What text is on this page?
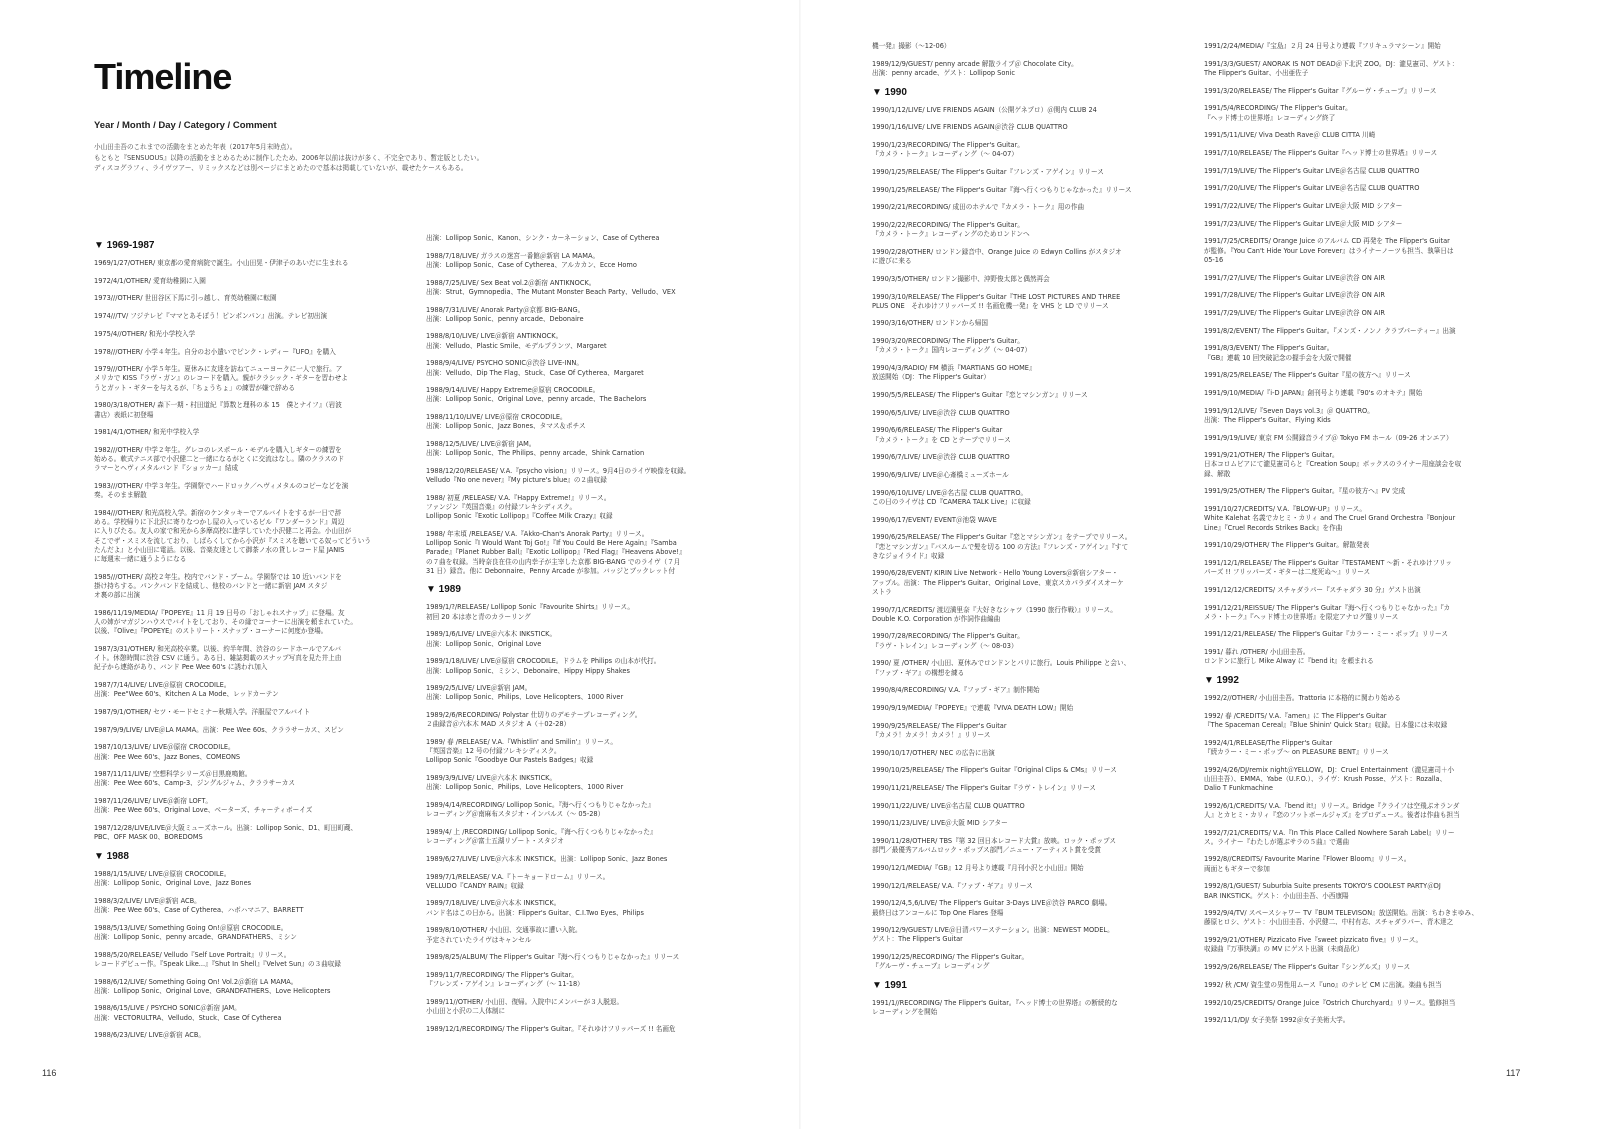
Timeline
Year / Month / Day / Category / Comment
小山田圭吾のこれまでの活動をまとめた年表（2017年5月末時点）。
もともと『SENSUOUS』以降の活動をまとめるために制作したため、2006年以前は抜けが多く、不完全であり、暫定版としたい。
ディスコグラフィ、ライヴツアー、リミックスなどは別ページにまとめたので基本は掲載していないが、載せたケースもある。
▼ 1969-1987
1969/1/27/OTHER/ 東京都の愛育病院で誕生。小山田晃・伊津子のあいだに生まれる
1972/4/1/OTHER/ 愛育幼稚園に入園
1973///OTHER/ 世田谷区下馬に引っ越し、育英幼稚園に転園
1974///TV/ フジテレビ『ママとあそぼう！ピンポンパン』出演。テレビ初出演
1975/4//OTHER/ 和光小学校入学
1978///OTHER/ 小学４年生。自分のお小遣いでピンク・レディー『UFO』を購入
1979///OTHER/ 小学５年生。夏休みに友達を訪ねてニューヨークに一人で旅行。ア
メリカで KISS『ラヴ・ガン』のレコードを購入。親がクラシック・ギターを習わせよ
うとガット・ギターを与えるが、「ちょうちょ」の練習が嫌で辞める
1980/3/18/OTHER/ 森下一期・村田道紀『算数と理科の本 15　僕とナイフ』（岩波
書店）表紙に初登場
1981/4/1/OTHER/ 和光中学校入学
1982///OTHER/ 中学２年生。グレコのレスポール・モデルを購入しギターの練習を
始める。軟式テニス部で小沢健二と一緒になるがとくに交流はなし。隣のクラスのド
ラマーとヘヴィメタルバンド『ショッカー』結成
1983///OTHER/ 中学３年生。学園祭でハードロック／ヘヴィメタルのコピーなどを演
奏。そのまま解散
1984///OTHER/ 和光高校入学。新宿のケンタッキーでアルバイトをするが一日で辞
める。学校帰りに下北沢に寄りなつかし屋の入っているビル『ワンダーランド』周辺
に入りびたる。友人の家で和光から多摩高校に進学していた小沢健二と再会。小山田が
そこでザ・スミスを流しており、しばらくしてから小沢が『スミスを聴いてる奴ってどういう
たんだよ』と小山田に電話。以後、音楽友達として御茶ノ水の貸しレコード屋 JANIS
に毎週末一緒に通うようになる
1985///OTHER/ 高校２年生。校内でバンド・ブーム。学園祭では 10 近いバンドを
掛け持ちする。パンクバンドを結成し、他校のバンドと一緒に新宿 JAM スタジ
オ裏の部に出演
1986/11/19/MEDIA/『POPEYE』11 月 19 日号の「おしゃれスナップ」に登場。友
人の姉がマガジンハウスでバイトをしており、その縁でコーナーに出演を頼まれていた。
以後、『Olive』『POPEYE』のストリート・スナップ・コーナーに何度か登場。
1987/3/31/OTHER/ 和光高校卒業。以後、約半年間、渋谷のシードホールでアルバ
イト。休憩時間に渋谷 CSV に通う。ある日、雑誌掲載のスナップ写真を見た井上由
紀子から連絡があり、バンド Pee Wee 60's に誘われ加入
1987/7/14/LIVE/ LIVE＠原宿 CROCODILE。
出演：Pee"Wee 60's、Kitchen A La Mode、レッドカーテン
1987/9/1/OTHER/ セツ・モードセミナー秋期入学。洋服屋でアルバイト
1987/9/9/LIVE/ LIVE＠LA MAMA。出演：Pee Wee 60s、クララサーカス、スピン
1987/10/13/LIVE/ LIVE＠原宿 CROCODILE。
出演：Pee Wee 60's、Jazz Bones、COMEONS
1987/11/11/LIVE/ 空想科学シリーズ＠目黒鹿鳴館。
出演：Pee Wee 60's、Camp-3、ジングルジャム、クララサーカス
1987/11/26/LIVE/ LIVE＠新宿 LOFT。
出演：Pee Wee 60's、Original Love、ベーターズ、チャーティボーイズ
1987/12/28/LIVE/LIVE＠大阪ミューズホール。出演：Lollipop Sonic、D1、町田町蔵、
PBC、OFF MASK 00、BOREDOMS
▼ 1988
1988/1/15/LIVE/ LIVE＠原宿 CROCODILE。
出演：Lollipop Sonic、Original Love、Jazz Bones
1988/3/2/LIVE/ LIVE＠新宿 ACB。
出演：Pee Wee 60's、Case of Cytherea、ハボハマニア、BARRETT
1988/5/13/LIVE/ Something Going On!＠原宿 CROCODILE。
出演：Lollipop Sonic、penny arcade、GRANDFATHERS、ミシン
1988/5/20/RELEASE/ Velludo『Self Love Portrait』リリース。
レコードデビュー作。『Speak Like...』『Shut In Shell』『Velvet Sun』の３曲収録
1988/6/12/LIVE/ Something Going On! Vol.2＠新宿 LA MAMA。
出演：Lollipop Sonic、Original Love、GRANDFATHERS、Love Helicopters
1988/6/15/LIVE / PSYCHO SONIC＠新宿 JAM。
出演：VECTORULTRA、Velludo、Stuck、Case Of Cytherea
1988/6/23/LIVE/ LIVE＠新宿 ACB。
出演：Lollipop Sonic、Kanon、シンク・カーネーション、Case of Cytherea
1988/7/18/LIVE/ ガラスの迷宮一番館＠新宿 LA MAMA。
出演：Lollipop Sonic、Case of Cytherea、アルカカン、Ecce Homo
1988/7/25/LIVE/ Sex Beat vol.2＠新宿 ANTIKNOCK。
出演：Strut、Gymnopedia、The Mutant Monster Beach Party、Velludo、VEX
1988/7/31/LIVE/ Anorak Party＠京都 BIG-BANG。
出演：Lollipop Sonic、penny arcade、Debonaire
1988/8/10/LIVE/ LIVE＠新宿 ANTIKNOCK。
出演：Velludo、Plastic Smile、モデルプランツ、Margaret
1988/9/4/LIVE/ PSYCHO SONIC＠渋谷 LIVE-INN。
出演：Velludo、Dip The Flag、Stuck、Case Of Cytherea、Margaret
1988/9/14/LIVE/ Happy Extreme＠原宿 CROCODILE。
出演：Lollipop Sonic、Original Love、penny arcade、The Bachelors
1988/11/10/LIVE/ LIVE＠原宿 CROCODILE。
出演：Lollipop Sonic、Jazz Bones、タマス＆ポチス
1988/12/5/LIVE/ LIVE＠新宿 JAM。
出演：Lollipop Sonic、The Philips、penny arcade、Shink Carnation
1988/12/20/RELEASE/ V.A.『psycho vision』リリース。9月4日のライヴ映像を収録。
Velludo『No one never』『My picture's blue』の２曲収録
1988/ 初夏 /RELEASE/ V.A.『Happy Extreme!』リリース。
ファンジン『英国音楽』の付録フレキシディスク。
Lollipop Sonic『Exotic Lollipop』『Coffee Milk Crazy』収録
1988/ 年末頃 /RELEASE/ V.A.『Akko-Chan's Anorak Party』リリース。
Lollipop Sonic『I Would Want Toj Go!』『If You Could Be Here Again』『Samba
Parade』『Planet Rubber Ball』『Exotic Lollipop』『Red Flag』『Heavens Above!』
の７曲を収録。当時奈良在住の山内幸子が主宰した京都 BIG-BANG でのライヴ（７月
31 日）録音。他に Debonnaire、Penny Arcade が参加。バッジとブックレット付
▼ 1989
1989/1/?/RELEASE/ Lollipop Sonic『Favourite Shirts』リリース。
初回 20 本は赤と青のカラーリング
1989/1/6/LIVE/ LIVE＠六本木 INKSTICK。
出演：Lollipop Sonic、Original Love
1989/1/18/LIVE/ LIVE＠原宿 CROCODILE。ドラムを Philips の山本が代打。
出演：Lollipop Sonic、ミシン、Debonaire、Hippy Hippy Shakes
1989/2/5/LIVE/ LIVE＠新宿 JAM。
出演：Lollipop Sonic、Philips、Love Helicopters、1000 River
1989/2/6/RECORDING/ Polystar 仕切りのデモテープレコーディング。
２曲録音＠六本木 MAD スタジオ A（＋02-28）
1989/ 春 /RELEASE/ V.A.『Whistlin' and Smilin'』リリース。
『英国音楽』12 号の付録フレキシディスク。
Lollipop Sonic『Goodbye Our Pastels Badges』収録
1989/3/9/LIVE/ LIVE＠六本木 INKSTICK。
出演：Lollipop Sonic、Philips、Love Helicopters、1000 River
1989/4/14/RECORDING/ Lollipop Sonic。『海へ行くつもりじゃなかった』
レコーディング＠南麻布スタジオ・インパルス（〜 05-28）
1989/4/ 上 /RECORDING/ Lollipop Sonic。『海へ行くつもりじゃなかった』
レコーディング＠富士五湖リゾート・スタジオ
1989/6/27/LIVE/ LIVE＠六本木 INKSTICK。出演：Lollipop Sonic、Jazz Bones
1989/7/1/RELEASE/ V.A.『トーキョードローム』リリース。
VELLUDO『CANDY RAIN』収録
1989/7/18/LIVE/ LIVE＠六本木 INKSTICK。
バンド名はこの日から。出演：Flipper's Guitar、C.I.Two Eyes、Philips
1989/8/10/OTHER/ 小山田、交通事故に遭い入院。
予定されていたライヴはキャンセル
1989/8/25/ALBUM/ The Flipper's Guitar『海へ行くつもりじゃなかった』リリース
1989/11/7/RECORDING/ The Flipper's Guitar。
『フレンズ・アゲイン』レコーディング（〜 11-18）
1989/11//OTHER/ 小山田、復帰。入院中にメンバーが３人脱退。
小山田と小沢の二人体制に
1989/12/1/RECORDING/ The Flipper's Guitar。『それゆけフリッパーズ !! 名画危
116
機一発』撮影（〜12-06）
1989/12/9/GUEST/ penny arcade 解散ライブ＠ Chocolate City。
出演：penny arcade、ゲスト：Lollipop Sonic
▼ 1990
1990/1/12/LIVE/ LIVE FRIENDS AGAIN（公開ゲネプロ）＠関内 CLUB 24
1990/1/16/LIVE/ LIVE FRIENDS AGAIN＠渋谷 CLUB QUATTRO
1990/1/23/RECORDING/ The Flipper's Guitar。
『カメラ・トーク』レコーディング（〜 04-07）
1990/1/25/RELEASE/ The Flipper's Guitar『フレンズ・アゲイン』リリース
1990/1/25/RELEASE/ The Flipper's Guitar『海へ行くつもりじゃなかった』リリース
1990/2/21/RECORDING/ 成田のホテルで『カメラ・トーク』用の作曲
1990/2/22/RECORDING/ The Flipper's Guitar。
『カメラ・トーク』レコーディングのためロンドンへ
1990/2/28/OTHER/ ロンドン録音中、Orange Juice の Edwyn Collins がスタジオ
に遊びに来る
1990/3/5/OTHER/ ロンドン撮影中、沖野俊太郎と偶然再会
1990/3/10/RELEASE/ The Flipper's Guitar『THE LOST PICTURES AND THREE
PLUS ONE　それゆけフリッパーズ !! 名画危機一発』を VHS と LD でリリース
1990/3/16/OTHER/ ロンドンから帰国
1990/3/20/RECORDING/ The Flipper's Guitar。
『カメラ・トーク』国内レコーディング（〜 04-07）
1990/4/3/RADIO/ FM 横浜『MARTIANS GO HOME』
放送開始（DJ：The Flipper's Guitar）
1990/5/5/RELEASE/ The Flipper's Guitar『恋とマシンガン』リリース
1990/6/5/LIVE/ LIVE＠渋谷 CLUB QUATTRO
1990/6/6/RELEASE/ The Flipper's Guitar
『カメラ・トーク』を CD とテープでリリース
1990/6/7/LIVE/ LIVE＠渋谷 CLUB QUATTRO
1990/6/9/LIVE/ LIVE＠心斎橋ミューズホール
1990/6/10/LIVE/ LIVE＠名古屋 CLUB QUATTRO。
この日のライヴは CD『CAMERA TALK Live』に収録
1990/6/17/EVENT/ EVENT＠池袋 WAVE
1990/6/25/RELEASE/ The Flipper's Guitar『恋とマシンガン』をテープでリリース。
『恋とマシンガン』『バスルームで髪を切る 100 の方法』『フレンズ・アゲイン』『すて
きなジョイライド』収録
1990/6/28/EVENT/ KIRIN Live Network - Hello Young Lovers＠新宿シアター・
アップル。出演：The Flipper's Guitar、Original Love、東京スカパラダイスオーケ
ストラ
1990/7/1/CREDITS/ 渡辺満里奈『大好きなシャツ（1990 旅行作戦）』リリース。
Double K.O. Corporation が作詞作曲編曲
1990/7/28/RECORDING/ The Flipper's Guitar。
『ラヴ・トレイン』レコーディング（〜 08-03）
1990/ 夏 /OTHER/ 小山田、夏休みでロンドンとパリに旅行。Louis Philippe と会い、
『ファブ・ギア』の構想を練る
1990/8/4/RECORDING/ V.A.『ファブ・ギア』制作開始
1990/9/19/MEDIA/『POPEYE』で連載『VIVA DEATH LOW』開始
1990/9/25/RELEASE/ The Flipper's Guitar
『カメラ！カメラ！カメラ！』リリース
1990/10/17/OTHER/ NEC の広告に出演
1990/10/25/RELEASE/ The Flipper's Guitar『Original Clips & CMs』リリース
1990/11/21/RELEASE/ The Flipper's Guitar『ラヴ・トレイン』リリース
1990/11/22/LIVE/ LIVE＠名古屋 CLUB QUATTRO
1990/11/23/LIVE/ LIVE＠大阪 MID シアター
1990/11/28/OTHER/ TBS『第 32 回日本レコード大賞』放映。ロック・ポップス
部門／最優秀アルバムロック・ポップス部門／ニュー・アーティスト賞を受賞
1990/12/1/MEDIA/『GB』12 月号より連載『月刊小沢と小山田』開始
1990/12/1/RELEASE/ V.A.『ファブ・ギア』リリース
1990/12/4,5,6/LIVE/ The Flipper's Guitar 3-Days LIVE＠渋谷 PARCO 劇場。
最終日はアンコールに Top One Flares 登場
1990/12/9/GUEST/ LIVE＠日清パワーステーション。出演：NEWEST MODEL。
ゲスト：The Flipper's Guitar
1990/12/25/RECORDING/ The Flipper's Guitar。
『グルーヴ・チューブ』レコーディング
▼ 1991
1991/1//RECORDING/ The Flipper's Guitar。『ヘッド博士の世界塔』の断続的な
レコーディングを開始
1991/2/24/MEDIA/『宝島』２月 24 日号より連載『フリキュラマシーン』開始
1991/3/3/GUEST/ ANORAK IS NOT DEAD＠下北沢 ZOO。DJ：瀧見憲司、ゲスト：
The Flipper's Guitar、小出亜佐子
1991/3/20/RELEASE/ The Flipper's Guitar『グルーヴ・チューブ』リリース
1991/5/4/RECORDING/ The Flipper's Guitar。
『ヘッド博士の世界塔』レコーディング終了
1991/5/11/LIVE/ Viva Death Rave＠ CLUB CITTA 川崎
1991/7/10/RELEASE/ The Flipper's Guitar『ヘッド博士の世界塔』リリース
1991/7/19/LIVE/ The Flipper's Guitar LIVE＠名古屋 CLUB QUATTRO
1991/7/20/LIVE/ The Flipper's Guitar LIVE＠名古屋 CLUB QUATTRO
1991/7/22/LIVE/ The Flipper's Guitar LIVE＠大阪 MID シアター
1991/7/23/LIVE/ The Flipper's Guitar LIVE＠大阪 MID シアター
1991/7/25/CREDITS/ Orange Juice のアルバム CD 再発を The Flipper's Guitar
が監修。『You Can't Hide Your Love Forever』はライナーノーツも担当、執筆日は
05-16
1991/7/27/LIVE/ The Flipper's Guitar LIVE＠渋谷 ON AIR
1991/7/28/LIVE/ The Flipper's Guitar LIVE＠渋谷 ON AIR
1991/7/29/LIVE/ The Flipper's Guitar LIVE＠渋谷 ON AIR
1991/8/2/EVENT/ The Flipper's Guitar。『メンズ・ノンノ クラブパーティー』出演
1991/8/3/EVENT/ The Flipper's Guitar。
『GB』連載 10 回突破記念の握手会を大阪で開催
1991/8/25/RELEASE/ The Flipper's Guitar『星の彼方へ』リリース
1991/9/10/MEDIA/『i-D JAPAN』創刊号より連載『90's のオキテ』開始
1991/9/12/LIVE/『Seven Days vol.3』＠ QUATTRO。
出演：The Flipper's Guitar、Flying Kids
1991/9/19/LIVE/ 東京 FM 公開録音ライブ＠ Tokyo FM ホール（09-26 オンエア）
1991/9/21/OTHER/ The Flipper's Guitar。
日本コロムビアにて瀧見憲司らと『Creation Soup』ボックスのライナー用座談会を収
録、解散
1991/9/25/OTHER/ The Flipper's Guitar。『星の彼方へ』PV 完成
1991/10/27/CREDITS/ V.A.『BLOW-UP』リリース。
White Kalehat 名義でカヒミ・カリィ and The Cruel Grand Orchestra『Bonjour
Line』『Cruel Records Strikes Back』を作曲
1991/10/29/OTHER/ The Flipper's Guitar。解散発表
1991/12/1/RELEASE/ The Flipper's Guitar『TESTAMENT 〜新・それゆけフリッ
パーズ !! フリッパーズ・ギターは二度死ぬ〜』リリース
1991/12/12/CREDITS/ スチャダラパー『スチャダラ 30 分』ゲスト出演
1991/12/21/REISSUE/ The Flipper's Guitar『海へ行くつもりじゃなかった』『カ
メラ・トーク』『ヘッド博士の世界塔』を限定アナログ盤リリース
1991/12/21/RELEASE/ The Flipper's Guitar『カラー・ミー・ポップ』リリース
1991/ 暮れ /OTHER/ 小山田圭吾。
ロンドンに旅行し Mike Alway に『bend it』を頼まれる
▼ 1992
1992/2//OTHER/ 小山田圭吾。Trattoria に本格的に関わり始める
1992/ 春 /CREDITS/ V.A.『amen』に The Flipper's Guitar
『The Spaceman Cereal』『Blue Shinin' Quick Star』収録。日本盤には未収録
1992/4/1/RELEASE/The Flipper's Guitar
『続カラー・ミー・ポップ〜 on PLEASURE BENT』リリース
1992/4/26/DJ/remix night＠YELLOW。DJ：Cruel Entertainment（瀧見憲司＋小
山田圭吾）、EMMA、Yabe（U.F.O.）、ライヴ：Krush Posse、ゲスト：Rozalla、
Dalio T Funkmachine
1992/6/1/CREDITS/ V.A.『bend it!』リリース。Bridge『クライフは空飛ぶオランダ
人』とカヒミ・カリィ『恋のフットボールジャズ』をプロデュース。後者は作曲も担当
1992/7/21/CREDITS/ V.A.『In This Place Called Nowhere Sarah Label』リリー
ス。ライナー『わたしが選ぶサラの５曲』で選曲
1992/8//CREDITS/ Favourite Marine『Flower Bloom』リリース。
両面ともギターで参加
1992/8/1/GUEST/ Suburbia Suite presents TOKYO'S COOLEST PARTY＠DJ
BAR INKSTICK。ゲスト：小山田圭吾、小西康陽
1992/9/4/TV/ スペースシャワー TV『BUM TELEVISON』放送開始。出演：ちわきまゆみ、
藤原ヒロシ、ゲスト：小山田圭吾、小沢健二、中村有志、スチャダラパー、青木達之
1992/9/21/OTHER/ Pizzicato Five『sweet pizzicato five』リリース。
収録曲『万事快調』の MV にゲスト出演（未商品化）
1992/9/26/RELEASE/ The Flipper's Guitar『シングルズ』リリース
1992/ 秋 /CM/ 資生堂の男性用ムース『uno』のテレビ CM に出演。楽曲も担当
1992/10/25/CREDITS/ Orange Juice『Ostrich Churchyard』リリース。監修担当
1992/11/1/DJ/ 女子美祭 1992＠女子美術大学。
117
